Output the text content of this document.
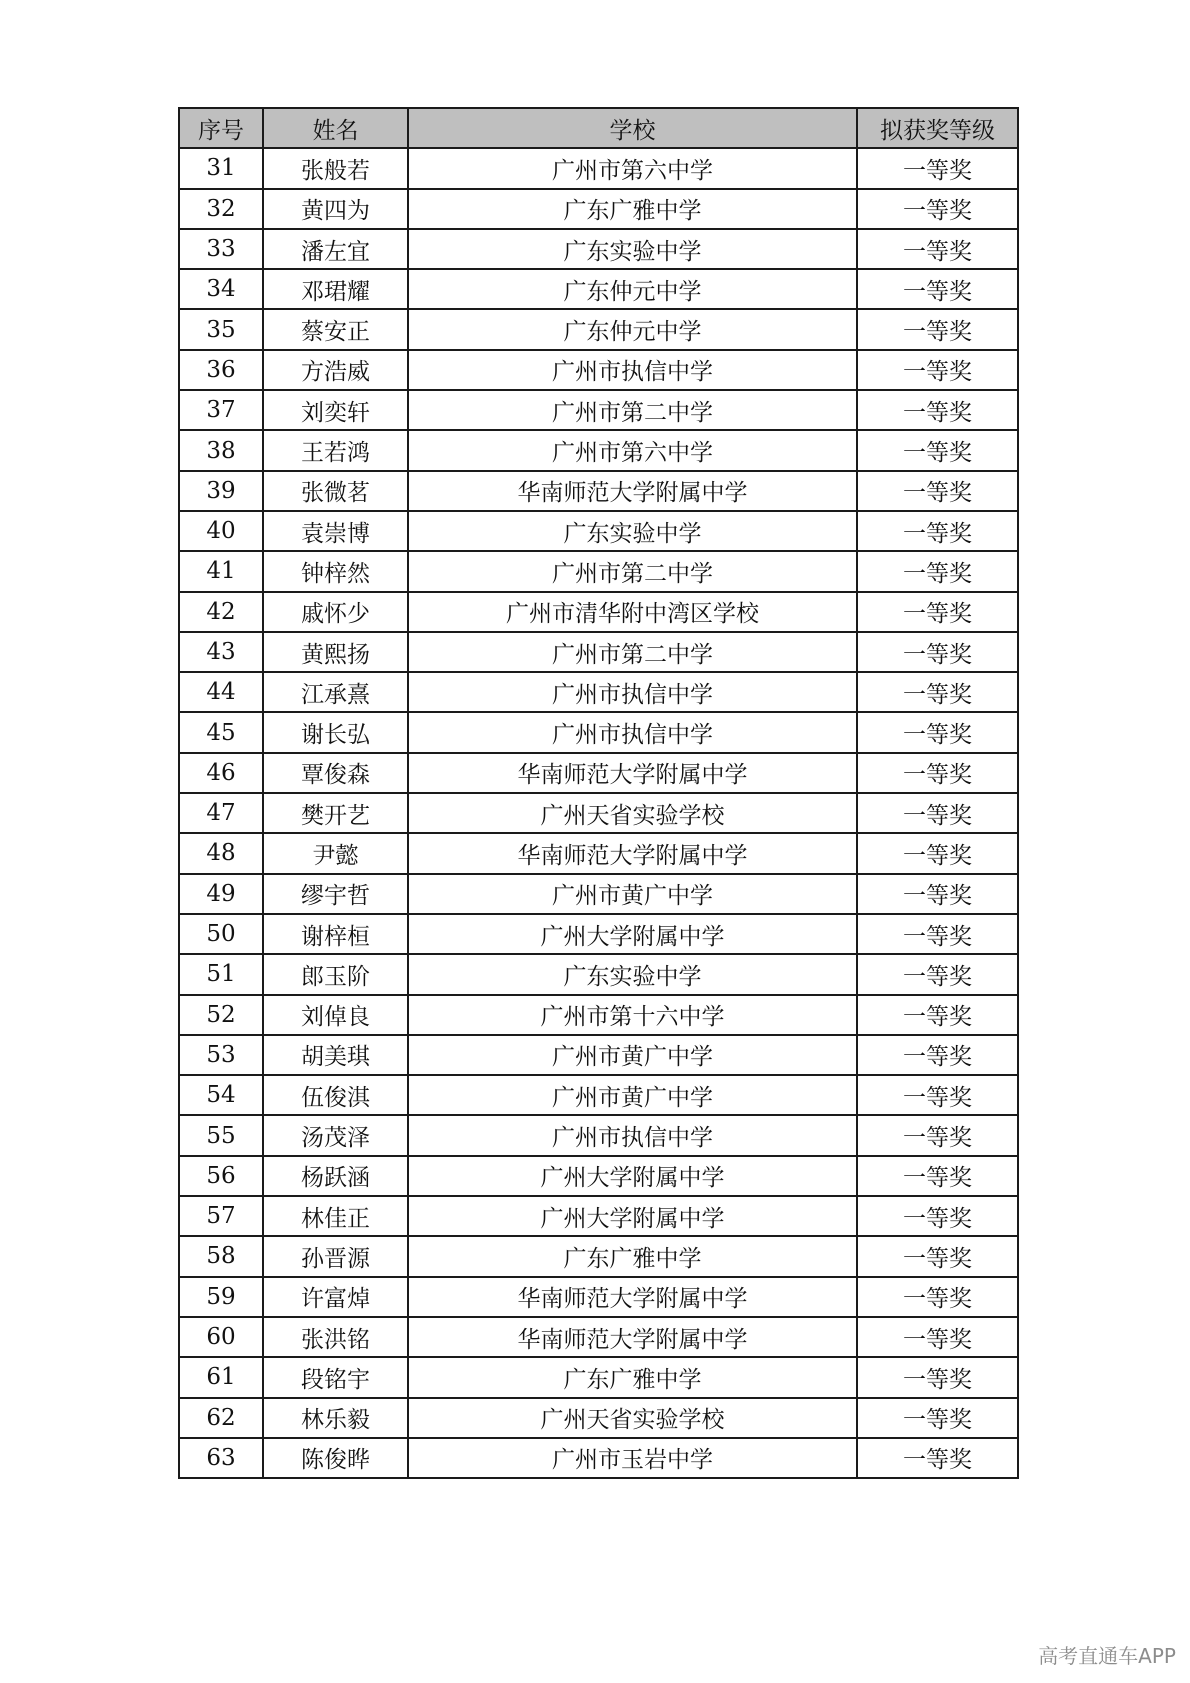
序号	姓名	学校	拟获奖等级
31	张般若	广州市第六中学	一等奖
32	黄四为	广东广雅中学	一等奖
33	潘左宜	广东实验中学	一等奖
34	邓珺耀	广东仲元中学	一等奖
35	蔡安正	广东仲元中学	一等奖
36	方浩威	广州市执信中学	一等奖
37	刘奕轩	广州市第二中学	一等奖
38	王若鸿	广州市第六中学	一等奖
39	张微茗	华南师范大学附属中学	一等奖
40	袁崇博	广东实验中学	一等奖
41	钟梓然	广州市第二中学	一等奖
42	戚怀少	广州市清华附中湾区学校	一等奖
43	黄熙扬	广州市第二中学	一等奖
44	江承熹	广州市执信中学	一等奖
45	谢长弘	广州市执信中学	一等奖
46	覃俊森	华南师范大学附属中学	一等奖
47	樊开艺	广州天省实验学校	一等奖
48	尹懿	华南师范大学附属中学	一等奖
49	缪宇哲	广州市黄广中学	一等奖
50	谢梓桓	广州大学附属中学	一等奖
51	郎玉阶	广东实验中学	一等奖
52	刘倬良	广州市第十六中学	一等奖
53	胡美琪	广州市黄广中学	一等奖
54	伍俊淇	广州市黄广中学	一等奖
55	汤茂泽	广州市执信中学	一等奖
56	杨跃涵	广州大学附属中学	一等奖
57	林佳正	广州大学附属中学	一等奖
58	孙晋源	广东广雅中学	一等奖
59	许富焯	华南师范大学附属中学	一等奖
60	张洪铭	华南师范大学附属中学	一等奖
61	段铭宇	广东广雅中学	一等奖
62	林乐毅	广州天省实验学校	一等奖
63	陈俊晔	广州市玉岩中学	一等奖
高考直通车APP
